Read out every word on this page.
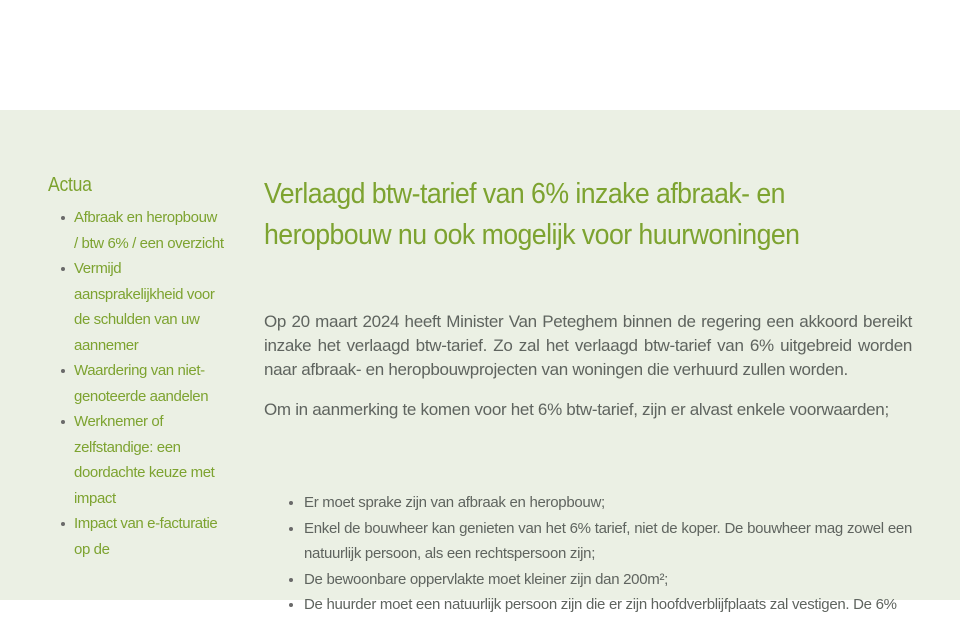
Actua
Afbraak en heropbouw / btw 6% / een overzicht
Vermijd aansprakelijkheid voor de schulden van uw aannemer
Waardering van niet-genoteerde aandelen
Werknemer of zelfstandige: een doordachte keuze met impact
Impact van e-facturatie op de
Verlaagd btw-tarief van 6% inzake afbraak- en heropbouw nu ook mogelijk voor huurwoningen

Op 20 maart 2024 heeft Minister Van Peteghem binnen de regering een akkoord bereikt inzake het verlaagd btw-tarief. Zo zal het verlaagd btw-tarief van 6% uitgebreid worden naar afbraak- en heropbouwprojecten van woningen die verhuurd zullen worden.

Om in aanmerking te komen voor het 6% btw-tarief, zijn er alvast enkele voorwaarden;

Er moet sprake zijn van afbraak en heropbouw;
Enkel de bouwheer kan genieten van het 6% tarief, niet de koper. De bouwheer mag zowel een natuurlijk persoon, als een rechtspersoon zijn;
De bewoonbare oppervlakte moet kleiner zijn dan 200m²;
De huurder moet een natuurlijk persoon zijn die er zijn hoofdverblijfplaats zal vestigen. De 6%
